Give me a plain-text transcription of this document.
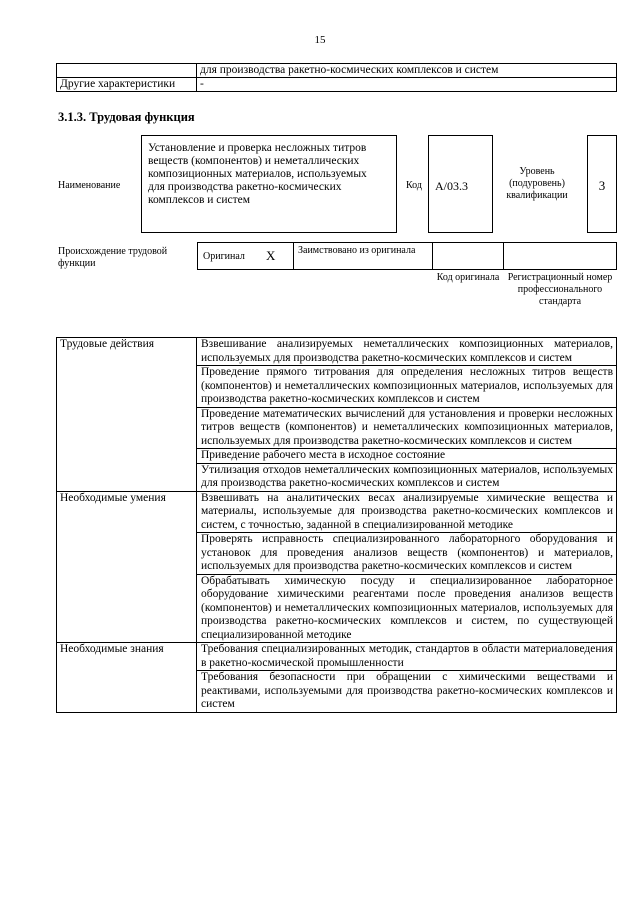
15
	для производства ракетно-космических комплексов и систем
Другие характеристики	-
3.1.3. Трудовая функция
Наименование
Установление и проверка несложных титров веществ (компонентов) и неметаллических композиционных материалов, используемых для производства ракетно-космических комплексов и систем
Код	А/03.3
Уровень (подуровень) квалификации
3
Происхождение трудовой функции
Оригинал X Заимствовано из оригинала
Код оригинала Регистрационный номер профессионального стандарта
Трудовые действия	Взвешивание анализируемых неметаллических композиционных материалов, используемых для производства ракетно-космических комплексов и систем
	Проведение прямого титрования для определения несложных титров веществ (компонентов) и неметаллических композиционных материалов, используемых для производства ракетно-космических комплексов и систем
	Проведение математических вычислений для установления и проверки несложных титров веществ (компонентов) и неметаллических композиционных материалов, используемых для производства ракетно-космических комплексов и систем
	Приведение рабочего места в исходное состояние
	Утилизация отходов неметаллических композиционных материалов, используемых для производства ракетно-космических комплексов и систем
Необходимые умения	Взвешивать на аналитических весах анализируемые химические вещества и материалы, используемые для производства ракетно-космических комплексов и систем, с точностью, заданной в специализированной методике
	Проверять исправность специализированного лабораторного оборудования и установок для проведения анализов веществ (компонентов) и материалов, используемых для производства ракетно-космических комплексов и систем
	Обрабатывать химическую посуду и специализированное лабораторное оборудование химическими реагентами после проведения анализов веществ (компонентов) и неметаллических композиционных материалов, используемых для производства ракетно-космических комплексов и систем, по существующей специализированной методике
Необходимые знания	Требования специализированных методик, стандартов в области материаловедения в ракетно-космической промышленности
	Требования безопасности при обращении с химическими веществами и реактивами, используемыми для производства ракетно-космических комплексов и систем
